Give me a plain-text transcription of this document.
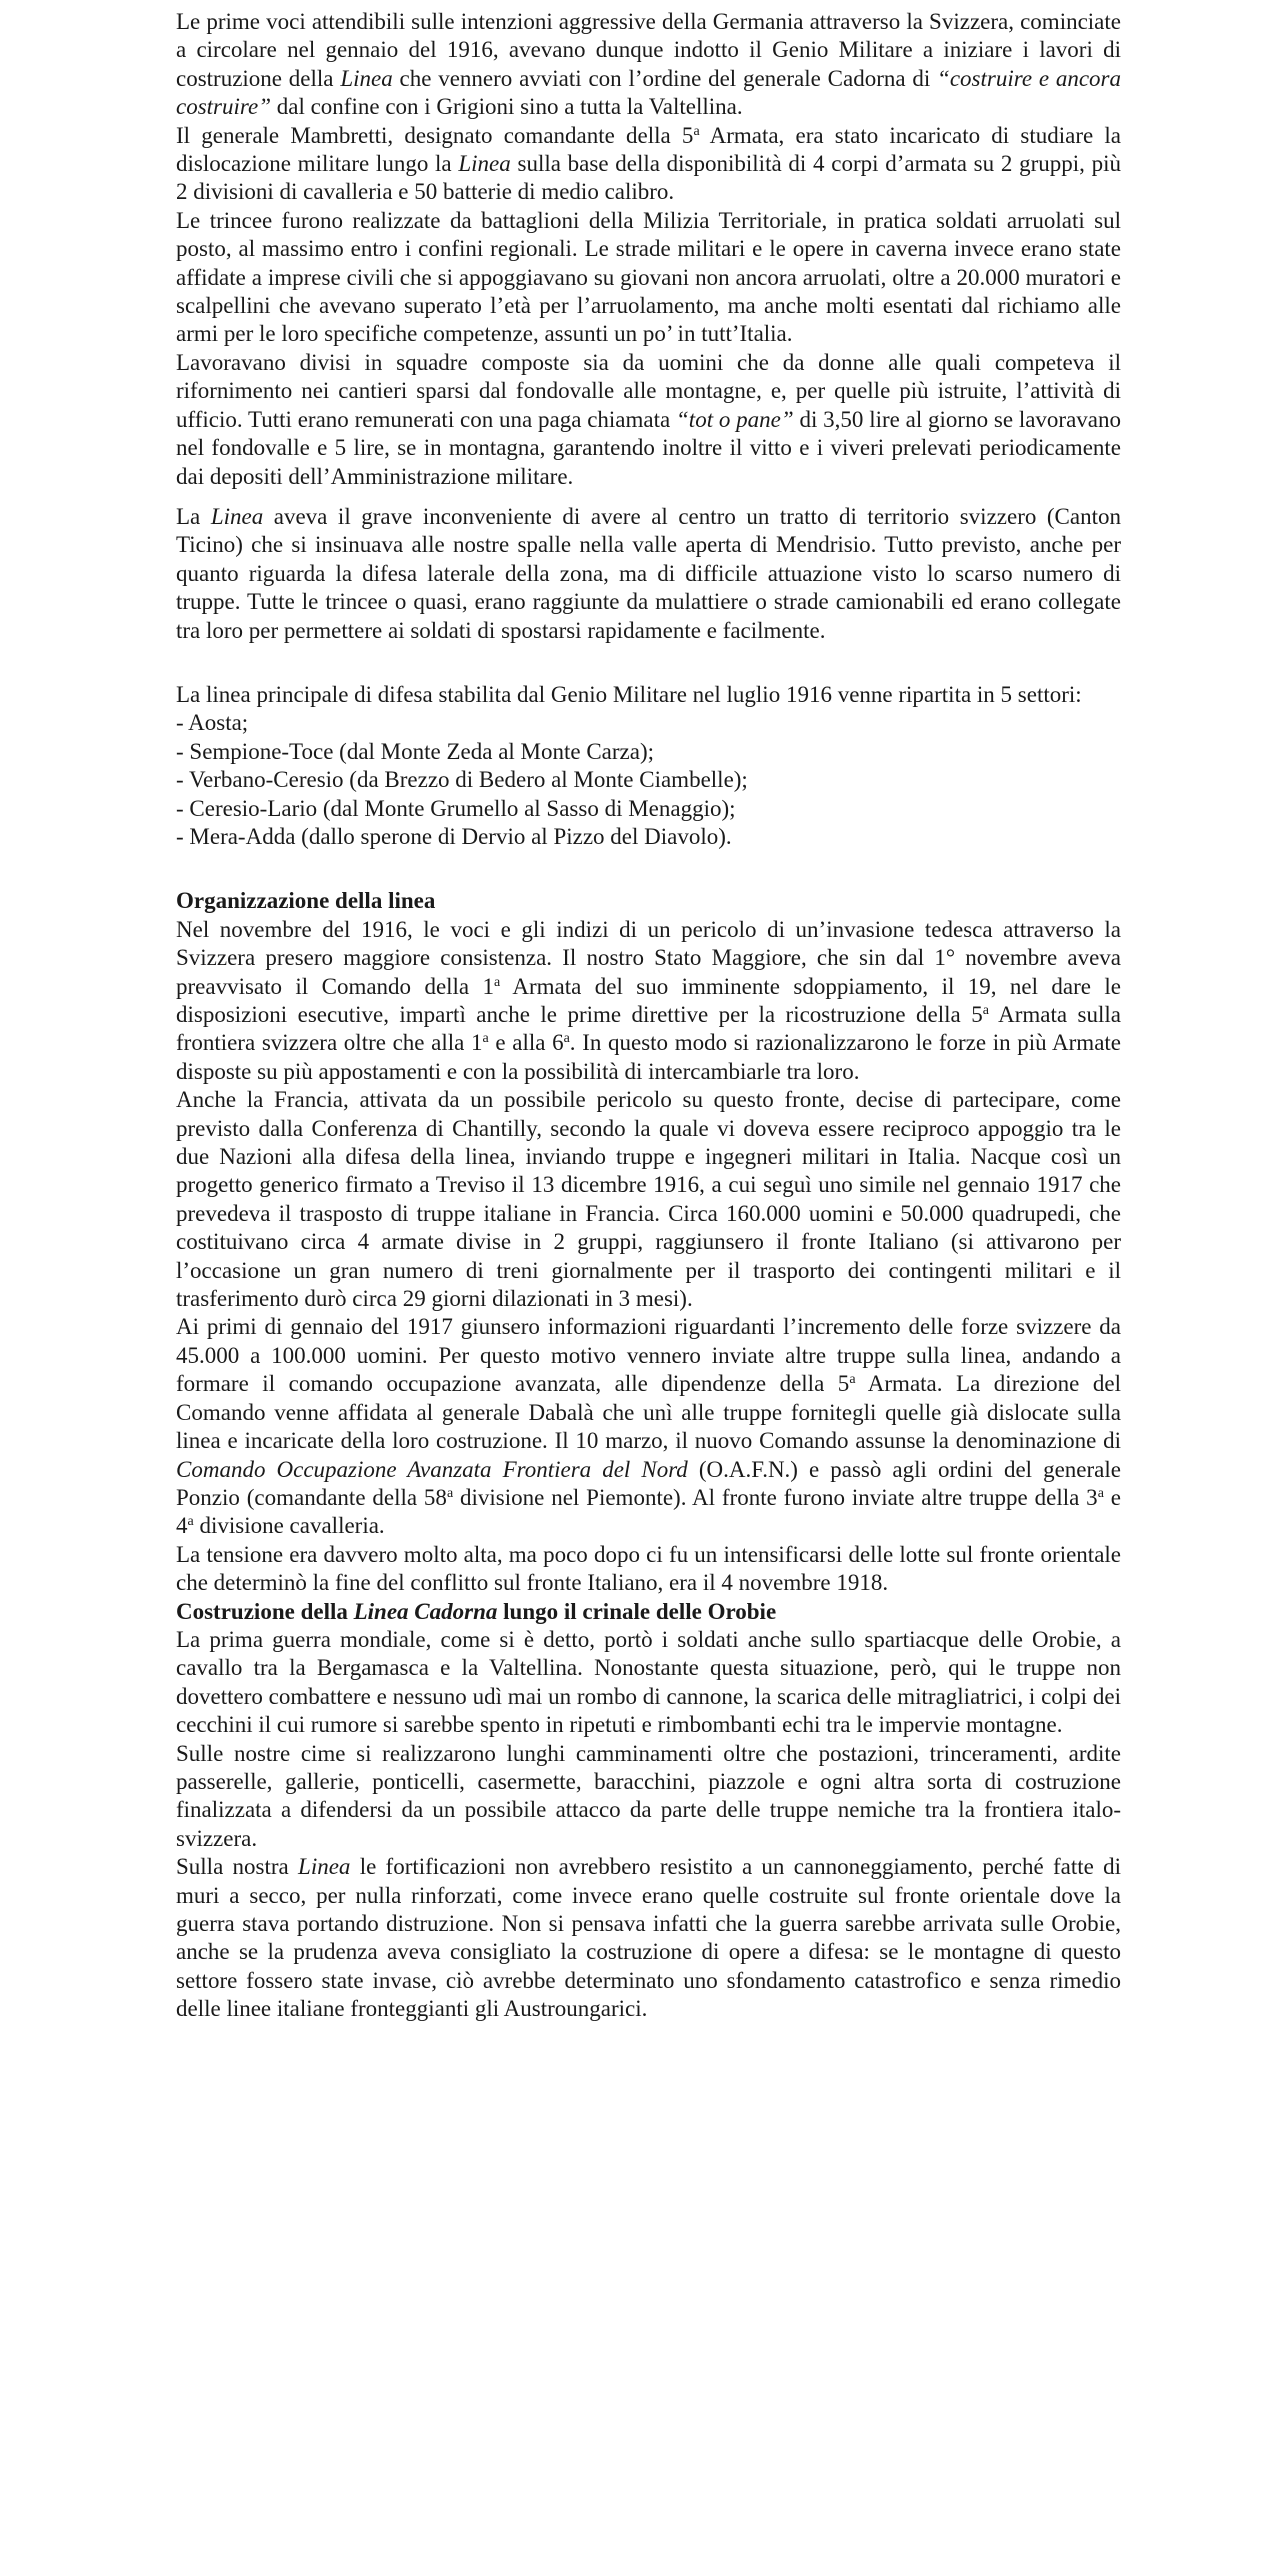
Le prime voci attendibili sulle intenzioni aggressive della Germania attraverso la Svizzera, cominciate a circolare nel gennaio del 1916, avevano dunque indotto il Genio Militare a iniziare i lavori di costruzione della Linea che vennero avviati con l’ordine del generale Cadorna di “costruire e ancora costruire” dal confine con i Grigioni sino a tutta la Valtellina.

Il generale Mambretti, designato comandante della 5$^a$ Armata, era stato incaricato di studiare la dislocazione militare lungo la Linea sulla base della disponibilità di 4 corpi d’armata su 2 gruppi, più 2 divisioni di cavalleria e 50 batterie di medio calibro.

Le trincee furono realizzate da battaglioni della Milizia Territoriale, in pratica soldati arruolati sul posto, al massimo entro i confini regionali. Le strade militari e le opere in caverna invece erano state affidate a imprese civili che si appoggiavano su giovani non ancora arruolati, oltre a 20.000 muratori e scalpellini che avevano superato l’età per l’arruolamento, ma anche molti esentati dal richiamo alle armi per le loro specifiche competenze, assunti un po’ in tutt’Italia.

Lavoravano divisi in squadre composte sia da uomini che da donne alle quali competeva il rifornimento nei cantieri sparsi dal fondovalle alle montagne, e, per quelle più istruite, l’attività di ufficio. Tutti erano remunerati con una paga chiamata “tot o pane” di 3,50 lire al giorno se lavoravano nel fondovalle e 5 lire, se in montagna, garantendo inoltre il vitto e i viveri prelevati periodicamente dai depositi dell’Amministrazione militare.

La Linea aveva il grave inconveniente di avere al centro un tratto di territorio svizzero (Canton Ticino) che si insinuava alle nostre spalle nella valle aperta di Mendrisio. Tutto previsto, anche per quanto riguarda la difesa laterale della zona, ma di difficile attuazione visto lo scarso numero di truppe. Tutte le trincee o quasi, erano raggiunte da mulattiere o strade camionabili ed erano collegate tra loro per permettere ai soldati di spostarsi rapidamente e facilmente.

La linea principale di difesa stabilita dal Genio Militare nel luglio 1916 venne ripartita in 5 settori:

- Aosta;
- Sempione-Toce (dal Monte Zeda al Monte Carza);
- Verbano-Ceresio (da Brezzo di Bedero al Monte Ciambelle);
- Ceresio-Lario (dal Monte Grumello al Sasso di Menaggio);
- Mera-Adda (dallo sperone di Dervio al Pizzo del Diavolo).
Organizzazione della linea

Nel novembre del 1916, le voci e gli indizi di un pericolo di un’invasione tedesca attraverso la Svizzera presero maggiore consistenza. Il nostro Stato Maggiore, che sin dal 1° novembre aveva preavvisato il Comando della 1$^a$ Armata del suo imminente sdoppiamento, il 19, nel dare le disposizioni esecutive, impartì anche le prime direttive per la ricostruzione della 5$^a$ Armata sulla frontiera svizzera oltre che alla 1$^a$ e alla 6$^a$. In questo modo si razionalizzarono le forze in più Armate disposte su più appostamenti e con la possibilità di intercambiarle tra loro.

Anche la Francia, attivata da un possibile pericolo su questo fronte, decise di partecipare, come previsto dalla Conferenza di Chantilly, secondo la quale vi doveva essere reciproco appoggio tra le due Nazioni alla difesa della linea, inviando truppe e ingegneri militari in Italia. Nacque così un progetto generico firmato a Treviso il 13 dicembre 1916, a cui seguì uno simile nel gennaio 1917 che prevedeva il trasposto di truppe italiane in Francia. Circa 160.000 uomini e 50.000 quadrupedi, che costituivano circa 4 armate divise in 2 gruppi, raggiunsero il fronte Italiano (si attivarono per l’occasione un gran numero di treni giornalmente per il trasporto dei contingenti militari e il trasferimento durò circa 29 giorni dilazionati in 3 mesi).

Ai primi di gennaio del 1917 giunsero informazioni riguardanti l’incremento delle forze svizzere da 45.000 a 100.000 uomini. Per questo motivo vennero inviate altre truppe sulla linea, andando a formare il comando occupazione avanzata, alle dipendenze della 5$^a$ Armata. La direzione del Comando venne affidata al generale Dabalà che unì alle truppe fornitegli quelle già dislocate sulla linea e incaricate della loro costruzione. Il 10 marzo, il nuovo Comando assunse la denominazione di Comando Occupazione Avanzata Frontiera del Nord (O.A.F.N.) e passò agli ordini del generale Ponzio (comandante della 58$^a$ divisione nel Piemonte). Al fronte furono inviate altre truppe della 3$^a$ e 4$^a$ divisione cavalleria.

La tensione era davvero molto alta, ma poco dopo ci fu un intensificarsi delle lotte sul fronte orientale che determinò la fine del conflitto sul fronte Italiano, era il 4 novembre 1918.

Costruzione della Linea Cadorna lungo il crinale delle Orobie

La prima guerra mondiale, come si è detto, portò i soldati anche sullo spartiacque delle Orobie, a cavallo tra la Bergamasca e la Valtellina. Nonostante questa situazione, però, qui le truppe non dovettero combattere e nessuno udì mai un rombo di cannone, la scarica delle mitragliatrici, i colpi dei cecchini il cui rumore si sarebbe spento in ripetuti e rimbombanti echi tra le impervie montagne.

Sulle nostre cime si realizzarono lunghi camminamenti oltre che postazioni, trinceramenti, ardite passerelle, gallerie, ponticelli, casermette, baracchini, piazzole e ogni altra sorta di costruzione finalizzata a difendersi da un possibile attacco da parte delle truppe nemiche tra la frontiera italo-svizzera.

Sulla nostra Linea le fortificazioni non avrebbero resistito a un cannoneggiamento, perché fatte di muri a secco, per nulla rinforzati, come invece erano quelle costruite sul fronte orientale dove la guerra stava portando distruzione. Non si pensava infatti che la guerra sarebbe arrivata sulle Orobie, anche se la prudenza aveva consigliato la costruzione di opere a difesa: se le montagne di questo settore fossero state invase, ciò avrebbe determinato uno sfondamento catastrofico e senza rimedio delle linee italiane fronteggianti gli Austroungarici.
